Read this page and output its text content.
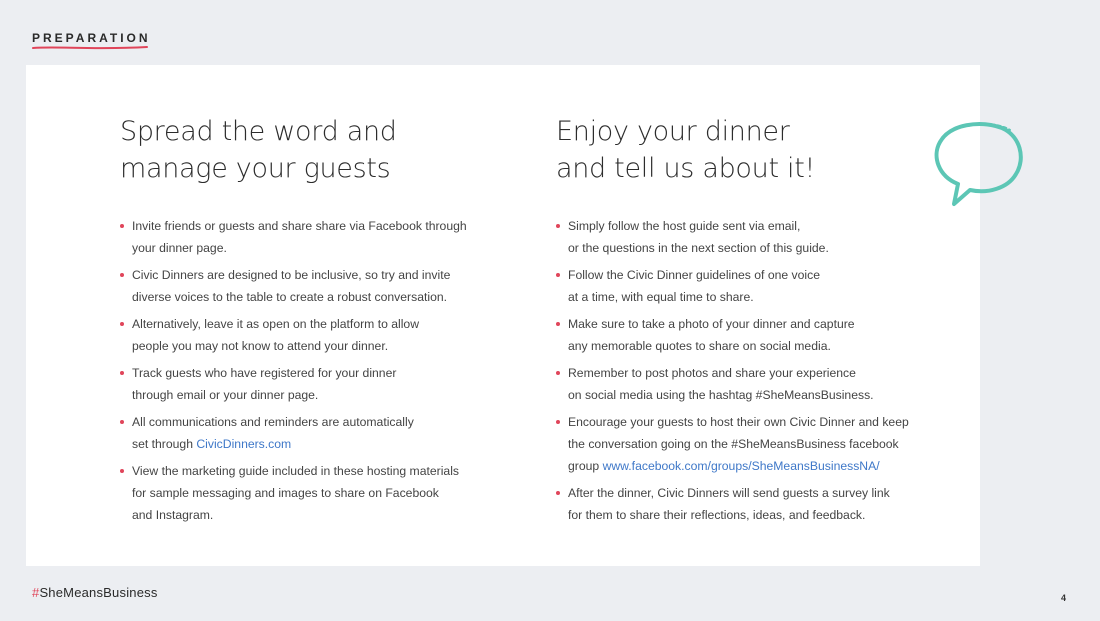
PREPARATION
Spread the word and
manage your guests
Invite friends or guests and share share via Facebook through
your dinner page.
Civic Dinners are designed to be inclusive, so try and invite
diverse voices to the table to create a robust conversation.
Alternatively, leave it as open on the platform to allow
people you may not know to attend your dinner.
Track guests who have registered for your dinner
through email or your dinner page.
All communications and reminders are automatically
set through CivicDinners.com
View the marketing guide included in these hosting materials
for sample messaging and images to share on Facebook
and Instagram.
Enjoy your dinner
and tell us about it!
Simply follow the host guide sent via email,
or the questions in the next section of this guide.
Follow the Civic Dinner guidelines of one voice
at a time, with equal time to share.
Make sure to take a photo of your dinner and capture
any memorable quotes to share on social media.
Remember to post photos and share your experience
on social media using the hashtag #SheMeansBusiness.
Encourage your guests to host their own Civic Dinner and keep
the conversation going on the #SheMeansBusiness facebook
group www.facebook.com/groups/SheMeansBusinessNA/
After the dinner, Civic Dinners will send guests a survey link
for them to share their reflections, ideas, and feedback.
#SheMeansBusiness	4
